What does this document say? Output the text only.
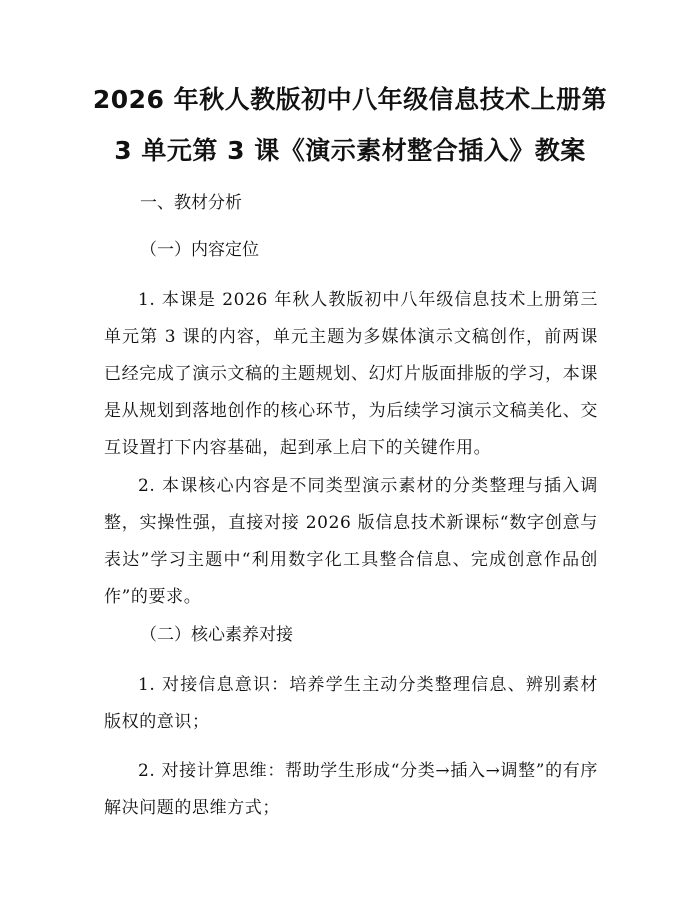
2026 年秋人教版初中八年级信息技术上册第
3 单元第 3 课《演示素材整合插入》教案
一、教材分析
（一）内容定位

1. 本课是 2026 年秋人教版初中八年级信息技术上册第三单元第 3 课的内容，单元主题为多媒体演示文稿创作，前两课已经完成了演示文稿的主题规划、幻灯片版面排版的学习，本课是从规划到落地创作的核心环节，为后续学习演示文稿美化、交互设置打下内容基础，起到承上启下的关键作用。

2. 本课核心内容是不同类型演示素材的分类整理与插入调整，实操性强，直接对接 2026 版信息技术新课标“数字创意与表达”学习主题中“利用数字化工具整合信息、完成创意作品创作”的要求。

（二）核心素养对接

1. 对接信息意识：培养学生主动分类整理信息、辨别素材版权的意识；

2. 对接计算思维：帮助学生形成“分类→插入→调整”的有序解决问题的思维方式；
